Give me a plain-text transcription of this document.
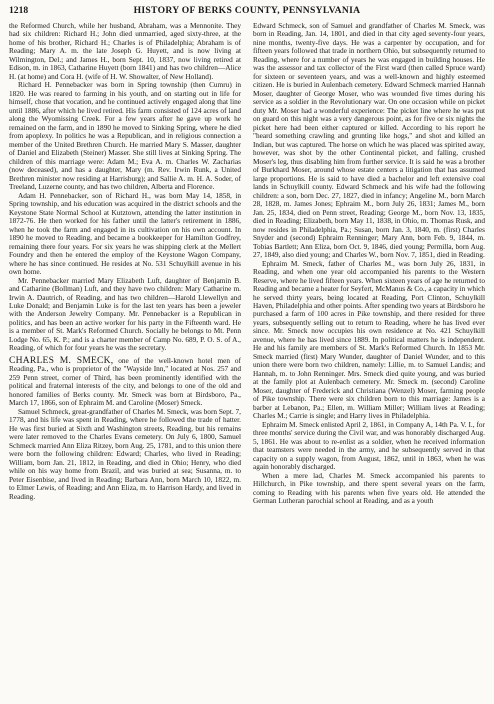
1218	HISTORY OF BERKS COUNTY, PENNSYLVANIA

the Reformed Church, while her husband, Abraham, was a Mennonite. They had six children: Richard H.; John died unmarried, aged sixty-three, at the home of his brother, Richard H.; Charles is of Philadelphia; Abraham is of Reading; Mary A. m. the late Joseph G. Huyett, and is now living at Wilmington, Del.; and James H., born Sept. 10, 1837, now living retired at Edison, m. in 1863, Catharine Huyett (born 1841) and has two children—Alice H. (at home) and Cora H. (wife of H. W. Showalter, of New Holland).

Richard H. Pennebacker was born in Spring township (then Cumru) in 1820. He was reared to farming in his youth, and on starting out in life for himself, chose that vocation, and he continued actively engaged along that line until 1886, after which he lived retired. His farm consisted of 124 acres of land along the Wyomissing Creek. For a few years after he gave up work he remained on the farm, and in 1890 he moved to Sinking Spring, where he died from apoplexy. In politics he was a Republican, and in religious connection a member of the United Brethren Church. He married Mary S. Masser, daughter of Daniel and Elizabeth (Steiner) Masser. She still lives at Sinking Spring. The children of this marriage were: Adam M.; Eva A. m. Charles W. Zacharias (now deceased), and has a daughter, Mary (m. Rev. Irwin Runk, a United Brethren minister now residing at Harrisburg); and Sallie A. m. H. A. Soder, of Treeland, Luzerne county, and has two children, Alberta and Florence.

Adam H. Pennebacker, son of Richard H., was born May 14, 1858, in Spring township, and his education was acquired in the district schools and the Keystone State Normal School at Kutztown, attending the latter institution in 1872-76. He then worked for his father until the latter's retirement in 1886, when he took the farm and engaged in its cultivation on his own account. In 1890 he moved to Reading, and became a bookkeeper for Hamilton Godfrey, remaining there four years. For six years he was shipping clerk at the Mellert Foundry and then he entered the employ of the Keystone Wagon Company, where he has since continued. He resides at No. 531 Schuylkill avenue in his own home.

Mr. Pennebacker married Mary Elizabeth Luft, daughter of Benjamin B. and Catharine (Bollman) Luft, and they have two children: Mary Catharine m. Irwin A. Dautrich, of Reading, and has two children—Harold Llewellyn and Luke Donald; and Benjamin Luke is for the last ten years has been a jeweler with the Anderson Jewelry Company. Mr. Pennebacker is a Republican in politics, and has been an active worker for his party in the Fifteenth ward. He is a member of St. Mark's Reformed Church. Socially he belongs to Mt. Penn Lodge No. 65, K. P.; and is a charter member of Camp No. 689, P. O. S. of A., Reading, of which for four years he was the secretary.

CHARLES M. SMECK, one of the well-known hotel men of Reading, Pa., who is proprietor of the "Wayside Inn," located at Nos. 257 and 259 Penn street, corner of Third, has been prominently identified with the political and fraternal interests of the city, and belongs to one of the old and honored families of Berks county. Mr. Smeck was born at Birdsboro, Pa., March 17, 1866, son of Ephraim M. and Caroline (Moser) Smeck.

Samuel Schmeck, great-grandfather of Charles M. Smeck, was born Sept. 7, 1778, and his life was spent in Reading, where he followed the trade of hatter. He was first buried at Sixth and Washington streets, Reading, but his remains were later removed to the Charles Evans cemetery. On July 6, 1800, Samuel Schmeck married Ann Eliza Ritzey, born Aug. 25, 1781, and to this union there were born the following children: Edward; Charles, who lived in Reading; William, born Jan. 21, 1812, in Reading, and died in Ohio; Henry, who died while on his way home from Brazil, and was buried at sea; Susanna, m. to Peter Eisenbise, and lived in Reading; Barbara Ann, born March 10, 1822, m. to Elmer Lewis, of Reading; and Ann Eliza, m. to Harrison Hardy, and lived in Reading.

Edward Schmeck, son of Samuel and grandfather of Charles M. Smeck, was born in Reading, Jan. 14, 1801, and died in that city aged seventy-four years, nine months, twenty-five days. He was a carpenter by occupation, and for fifteen years followed that trade in northern Ohio, but subsequently returned to Reading, where for a number of years he was engaged in building houses. He was the assessor and tax collector of the First ward (then called Spruce ward) for sixteen or seventeen years, and was a well-known and highly esteemed citizen. He is buried in Aulenbach cemetery. Edward Schmeck married Hannah Moser, daughter of George Moser, who was wounded five times during his service as a soldier in the Revolutionary war. On one occasion while on picket duty Mr. Moser had a wonderful experience: The picket line where he was put on guard on this night was a very dangerous point, as for five or six nights the picket here had been either captured or killed. According to his report he "heard something crawling and grunting like hogs," and shot and killed an Indian, but was captured. The horse on which he was placed was spirited away, however, was shot by the other Continental picket, and falling, crushed Moser's leg, thus disabling him from further service. It is said he was a brother of Burkhard Moser, around whose estate centers a litigation that has assumed large proportions. He is said to have died a bachelor and left extensive coal lands in Schuylkill county. Edward Schmeck and his wife had the following children: a son, born Dec. 27, 1827, died in infancy; Angeline M., born March 28, 1828, m. James Jones; Ephraim M., born July 26, 1831; James M., born Jan. 25, 1834, died on Penn street, Reading; George M., born Nov. 13, 1835, died in Reading; Elizabeth, born May 11, 1838, in Ohio, m. Thomas Rusk, and now resides in Philadelphia, Pa.; Susan, born Jan. 3, 1840, m. (first) Charles Snyder and (second) Ephraim Renninger; Mary Ann, born Feb. 9, 1844, m. Tobias Bartlett; Ann Eliza, born Oct. 9, 1846, died young; Permilla, born Aug. 27, 1849, also died young; and Charles W., born Nov. 7, 1851, died in Reading.

Ephraim M. Smeck, father of Charles M., was born July 26, 1831, in Reading, and when one year old accompanied his parents to the Western Reserve, where he lived fifteen years. When sixteen years of age he returned to Reading and became a heater for Seyfert, McManus & Co., a capacity in which he served thirty years, being located at Reading, Port Clinton, Schuylkill Haven, Philadelphia and other points. After spending two years at Birdsboro he purchased a farm of 100 acres in Pike township, and there resided for three years, subsequently selling out to return to Reading, where he has lived ever since. Mr. Smeck now occupies his own residence at No. 421 Schuylkill avenue, where he has lived since 1889. In political matters he is independent. He and his family are members of St. Mark's Reformed Church. In 1853 Mr. Smeck married (first) Mary Wunder, daughter of Daniel Wunder, and to this union there were born two children, namely: Lillie, m. to Samuel Landis; and Hannah, m. to John Renninger. Mrs. Smeck died quite young, and was buried at the family plot at Aulenbach cemetery. Mr. Smeck m. (second) Caroline Moser, daughter of Frederick and Christiana (Wenzel) Moser, farming people of Pike township. There were six children born to this marriage: James is a barber at Lebanon, Pa.; Ellen, m. William Miller; William lives at Reading; Charles M.; Carrie is single; and Harry lives in Philadelphia.

Ephraim M. Smeck enlisted April 2, 1861, in Company A, 14th Pa. V. I., for three months' service during the Civil war, and was honorably discharged Aug. 5, 1861. He was about to re-enlist as a soldier, when he received information that teamsters were needed in the army, and he subsequently served in that capacity on a supply wagon, from August, 1862, until in 1863, when he was again honorably discharged.

When a mere lad, Charles M. Smeck accompanied his parents to Hillchurch, in Pike township, and there spent several years on the farm, coming to Reading with his parents when five years old. He attended the German Lutheran parochial school at Reading, and as a youth
